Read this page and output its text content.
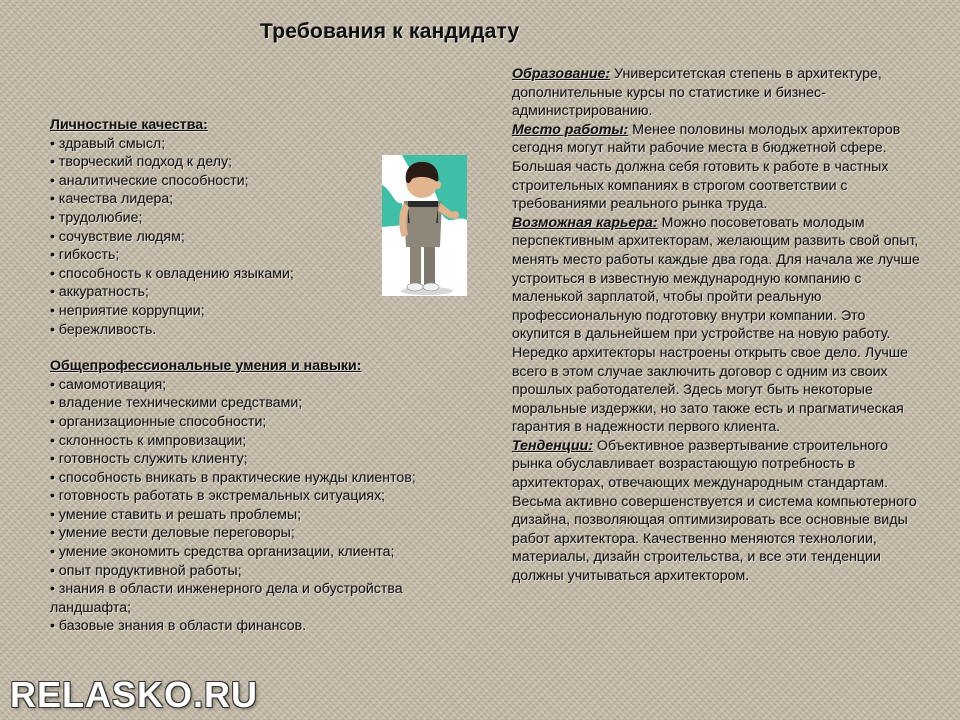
Требования к кандидату
Личностные качества:
• здравый смысл;
• творческий подход к делу;
• аналитические способности;
• качества лидера;
• трудолюбие;
• сочувствие людям;
• гибкость;
• способность к овладению языками;
• аккуратность;
• неприятие коррупции;
• бережливость.
Общепрофессиональные умения и навыки:
• самомотивация;
• владение техническими средствами;
• организационные способности;
• склонность к импровизации;
• готовность служить клиенту;
• способность вникать в практические нужды клиентов;
• готовность работать в экстремальных ситуациях;
• умение ставить и решать проблемы;
• умение вести деловые переговоры;
• умение экономить средства организации, клиента;
• опыт продуктивной работы;
• знания в области инженерного дела и обустройства ландшафта;
• базовые знания в области финансов.

Образование: Университетская степень в архитектуре, дополнительные курсы по статистике и бизнес-администрированию.

Место работы: Менее половины молодых архитекторов сегодня могут найти рабочие места в бюджетной сфере. Большая часть должна себя готовить к работе в частных строительных компаниях в строгом соответствии с требованиями реального рынка труда.

Возможная карьера: Можно посоветовать молодым перспективным архитекторам, желающим развить свой опыт, менять место работы каждые два года. Для начала же лучше устроиться в известную международную компанию с маленькой зарплатой, чтобы пройти реальную профессиональную подготовку внутри компании. Это окупится в дальнейшем при устройстве на новую работу. Нередко архитекторы настроены открыть свое дело. Лучше всего в этом случае заключить договор с одним из своих прошлых работодателей. Здесь могут быть некоторые моральные издержки, но зато также есть и прагматическая гарантия в надежности первого клиента.

Тенденции: Объективное развертывание строительного рынка обуславливает возрастающую потребность в архитекторах, отвечающих международным стандартам. Весьма активно совершенствуется и система компьютерного дизайна, позволяющая оптимизировать все основные виды работ архитектора. Качественно меняются технологии, материалы, дизайн строительства, и все эти тенденции должны учитываться архитектором.

RELASKO.RU
